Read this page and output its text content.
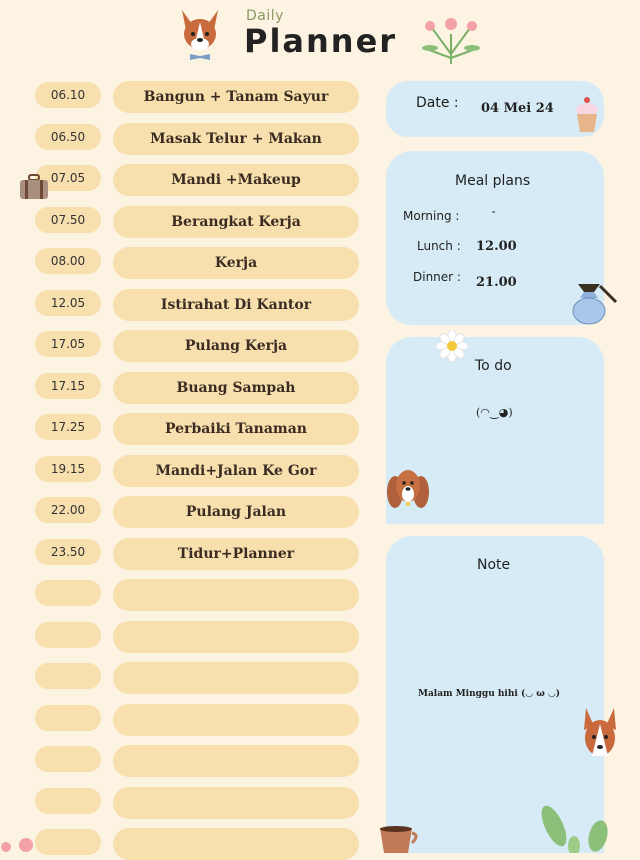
Daily
Planner
06.10	Bangun + Tanam Sayur
06.50	Masak Telur + Makan
07.05	Mandi +Makeup
07.50	Berangkat Kerja
08.00	Kerja
12.05	Istirahat Di Kantor
17.05	Pulang Kerja
17.15	Buang Sampah
17.25	Perbaiki Tanaman
19.15	Mandi+Jalan Ke Gor
22.00	Pulang Jalan
23.50	Tidur+Planner
Date : 04 Mei 24
Meal plans
Morning :	-
Lunch : 12.00
Dinner : 21.00
To do
(◠‿◕)
Note
Malam Minggu hihi (◡ ω ◡)
